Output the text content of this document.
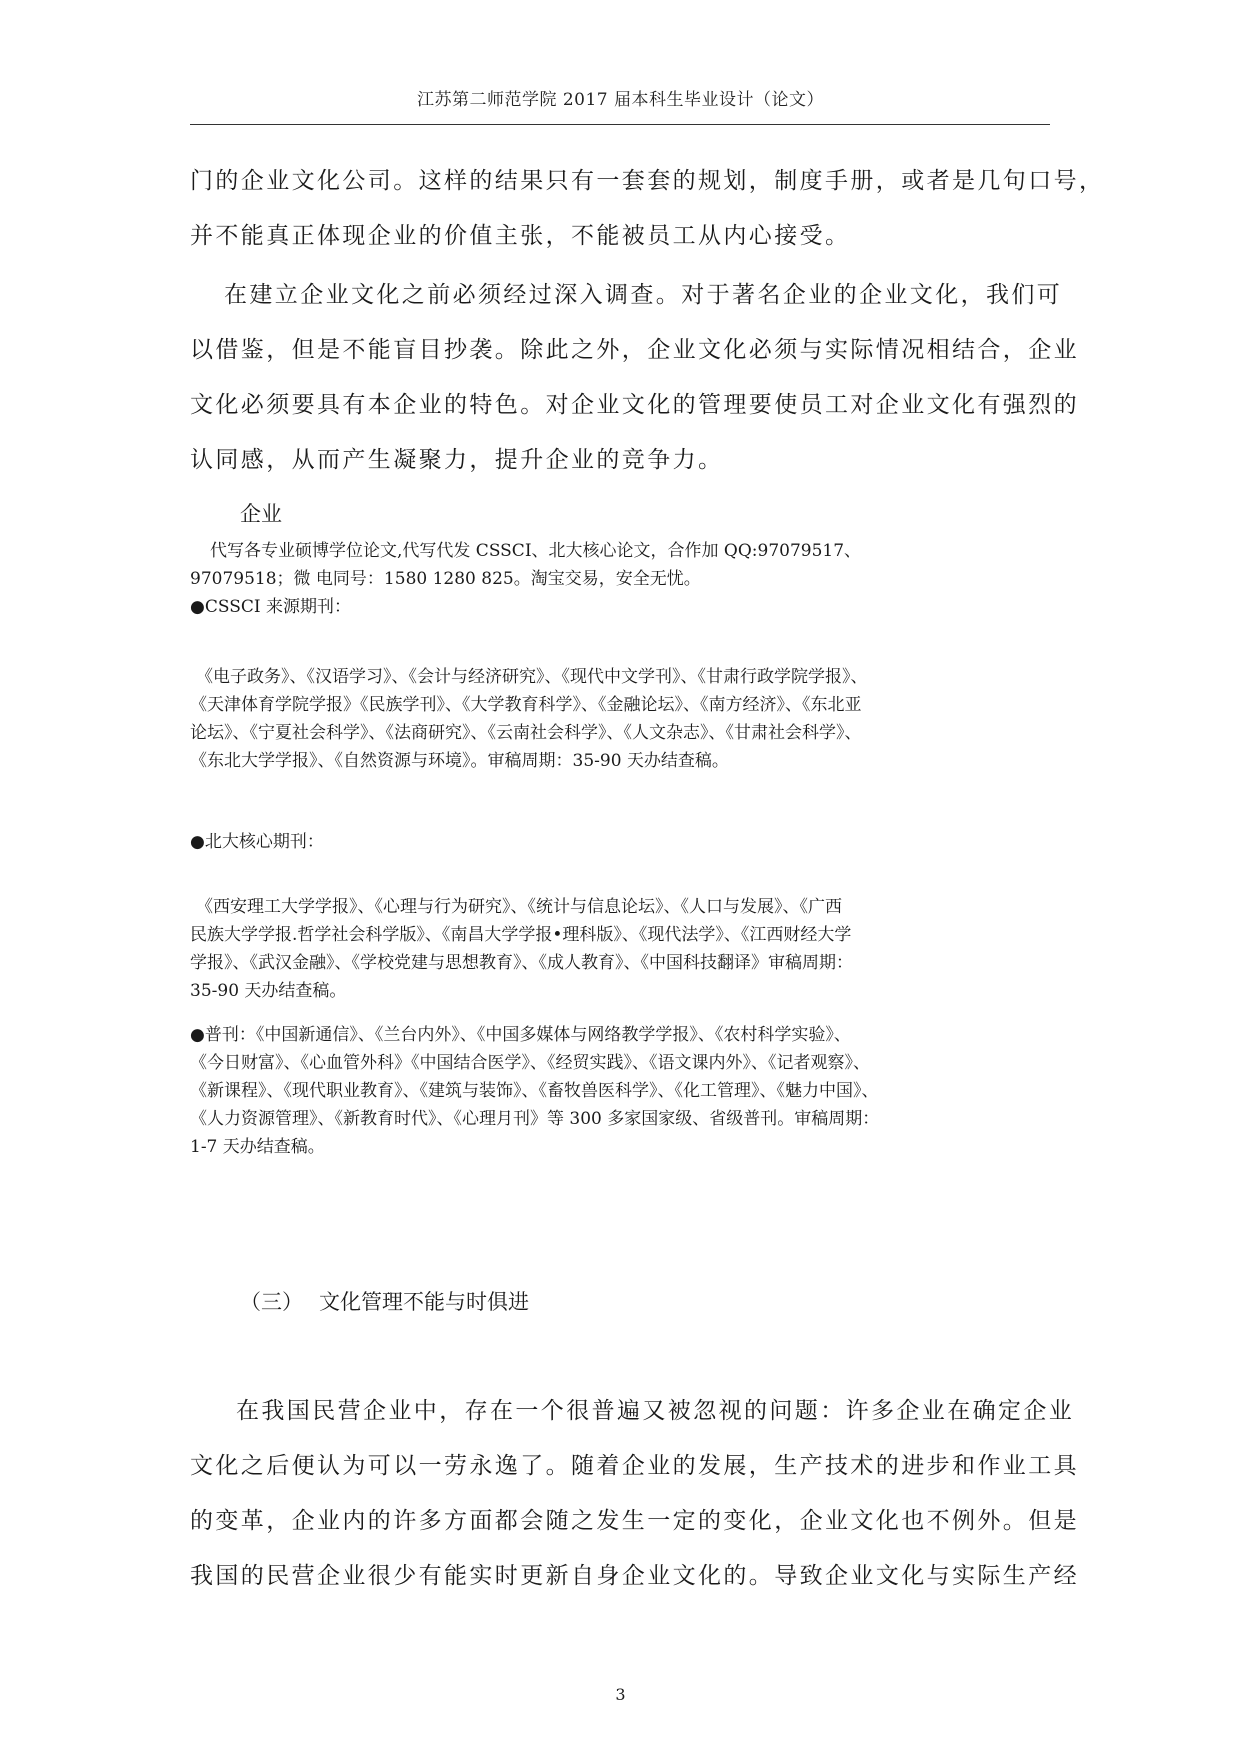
江苏第二师范学院 2017 届本科生毕业设计（论文）

门的企业文化公司。这样的结果只有一套套的规划，制度手册，或者是几句口号，

并不能真正体现企业的价值主张，不能被员工从内心接受。

在建立企业文化之前必须经过深入调查。对于著名企业的企业文化，我们可

以借鉴，但是不能盲目抄袭。除此之外，企业文化必须与实际情况相结合，企业

文化必须要具有本企业的特色。对企业文化的管理要使员工对企业文化有强烈的

认同感，从而产生凝聚力，提升企业的竞争力。

企业

代写各专业硕博学位论文,代写代发 CSSCI、北大核心论文，合作加 QQ:97079517、

97079518；微 电同号：1580 1280 825。淘宝交易，安全无忧。

●CSSCI 来源期刊：

《电子政务》、《汉语学习》、《会计与经济研究》、《现代中文学刊》、《甘肃行政学院学报》、

《天津体育学院学报》《民族学刊》、《大学教育科学》、《金融论坛》、《南方经济》、《东北亚

论坛》、《宁夏社会科学》、《法商研究》、《云南社会科学》、《人文杂志》、《甘肃社会科学》、

《东北大学学报》、《自然资源与环境》。审稿周期：35-90 天办结查稿。

●北大核心期刊：

《西安理工大学学报》、《心理与行为研究》、《统计与信息论坛》、《人口与发展》、《广西

民族大学学报.哲学社会科学版》、《南昌大学学报•理科版》、《现代法学》、《江西财经大学

学报》、《武汉金融》、《学校党建与思想教育》、《成人教育》、《中国科技翻译》审稿周期：

35-90 天办结查稿。

●普刊：《中国新通信》、《兰台内外》、《中国多媒体与网络教学学报》、《农村科学实验》、

《今日财富》、《心血管外科》《中国结合医学》、《经贸实践》、《语文课内外》、《记者观察》、

《新课程》、《现代职业教育》、《建筑与装饰》、《畜牧兽医科学》、《化工管理》、《魅力中国》、

《人力资源管理》、《新教育时代》、《心理月刊》等 300 多家国家级、省级普刊。审稿周期：

1-7 天办结查稿。

（三） 文化管理不能与时俱进

在我国民营企业中，存在一个很普遍又被忽视的问题：许多企业在确定企业

文化之后便认为可以一劳永逸了。随着企业的发展，生产技术的进步和作业工具

的变革，企业内的许多方面都会随之发生一定的变化，企业文化也不例外。但是

我国的民营企业很少有能实时更新自身企业文化的。导致企业文化与实际生产经

3
